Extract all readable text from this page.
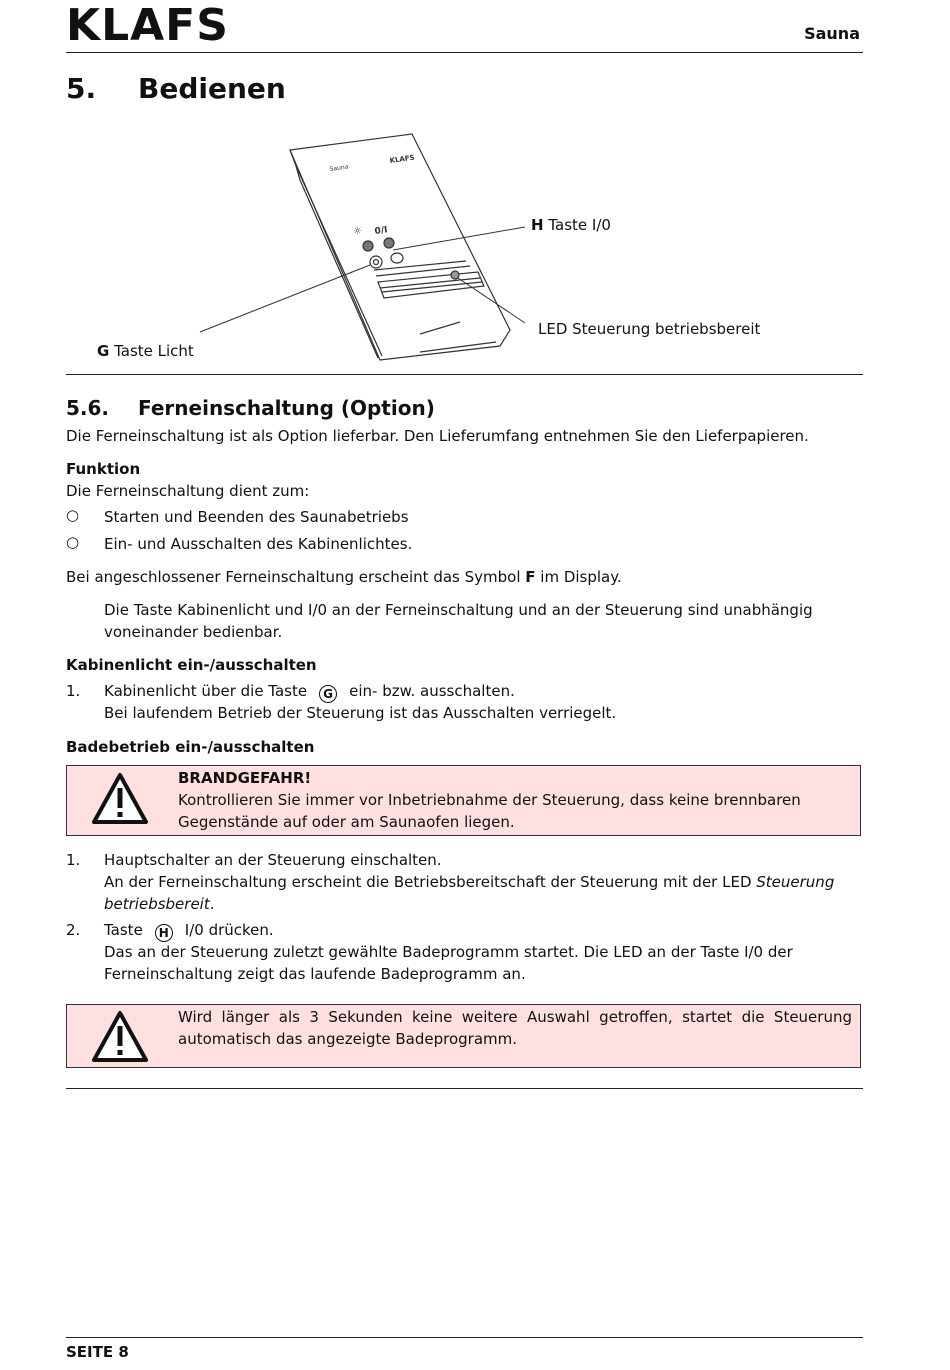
KLAFS	Sauna
5. Bedienen
Sauna
KLAFS
0/I
☼	H Taste I/0
LED Steuerung betriebsbereit
G Taste Licht
5.6. Ferneinschaltung (Option)
Die Ferneinschaltung ist als Option lieferbar. Den Lieferumfang entnehmen Sie den Lieferpapieren.
Funktion
Die Ferneinschaltung dient zum:
○ Starten und Beenden des Saunabetriebs
○ Ein- und Ausschalten des Kabinenlichtes.
Bei angeschlossener Ferneinschaltung erscheint das Symbol F im Display.
Die Taste Kabinenlicht und I/0 an der Ferneinschaltung und an der Steuerung sind unabhängig
voneinander bedienbar.
Kabinenlicht ein-/ausschalten
1. Kabinenlicht über die Taste G ein- bzw. ausschalten.
Bei laufendem Betrieb der Steuerung ist das Ausschalten verriegelt.
Badebetrieb ein-/ausschalten
BRANDGEFAHR!
Kontrollieren Sie immer vor Inbetriebnahme der Steuerung, dass keine brennbaren
Gegenstände auf oder am Saunaofen liegen.
1. Hauptschalter an der Steuerung einschalten.
An der Ferneinschaltung erscheint die Betriebsbereitschaft der Steuerung mit der LED Steuerung
betriebsbereit.
2. Taste H I/0 drücken.
Das an der Steuerung zuletzt gewählte Badeprogramm startet. Die LED an der Taste I/0 der
Ferneinschaltung zeigt das laufende Badeprogramm an.
Wird länger als 3 Sekunden keine weitere Auswahl getroffen, startet die Steuerung
automatisch das angezeigte Badeprogramm.
SEITE 8
